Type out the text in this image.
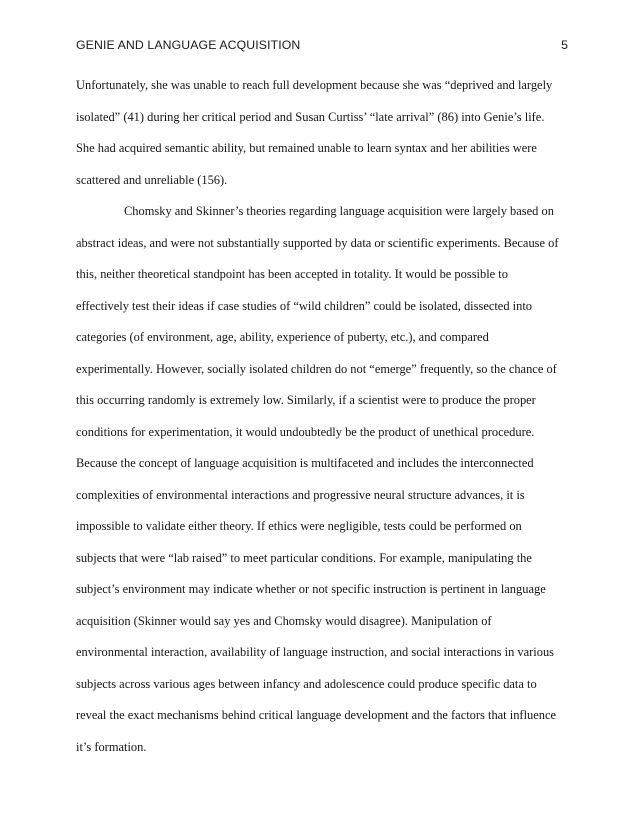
GENIE AND LANGUAGE ACQUISITION	5
Unfortunately, she was unable to reach full development because she was “deprived and largely
isolated” (41) during her critical period and Susan Curtiss’ “late arrival” (86) into Genie’s life.
She had acquired semantic ability, but remained unable to learn syntax and her abilities were
scattered and unreliable (156).
Chomsky and Skinner’s theories regarding language acquisition were largely based on
abstract ideas, and were not substantially supported by data or scientific experiments. Because of
this, neither theoretical standpoint has been accepted in totality. It would be possible to
effectively test their ideas if case studies of “wild children” could be isolated, dissected into
categories (of environment, age, ability, experience of puberty, etc.), and compared
experimentally. However, socially isolated children do not “emerge” frequently, so the chance of
this occurring randomly is extremely low. Similarly, if a scientist were to produce the proper
conditions for experimentation, it would undoubtedly be the product of unethical procedure.
Because the concept of language acquisition is multifaceted and includes the interconnected
complexities of environmental interactions and progressive neural structure advances, it is
impossible to validate either theory. If ethics were negligible, tests could be performed on
subjects that were “lab raised” to meet particular conditions. For example, manipulating the
subject’s environment may indicate whether or not specific instruction is pertinent in language
acquisition (Skinner would say yes and Chomsky would disagree). Manipulation of
environmental interaction, availability of language instruction, and social interactions in various
subjects across various ages between infancy and adolescence could produce specific data to
reveal the exact mechanisms behind critical language development and the factors that influence
it’s formation.
